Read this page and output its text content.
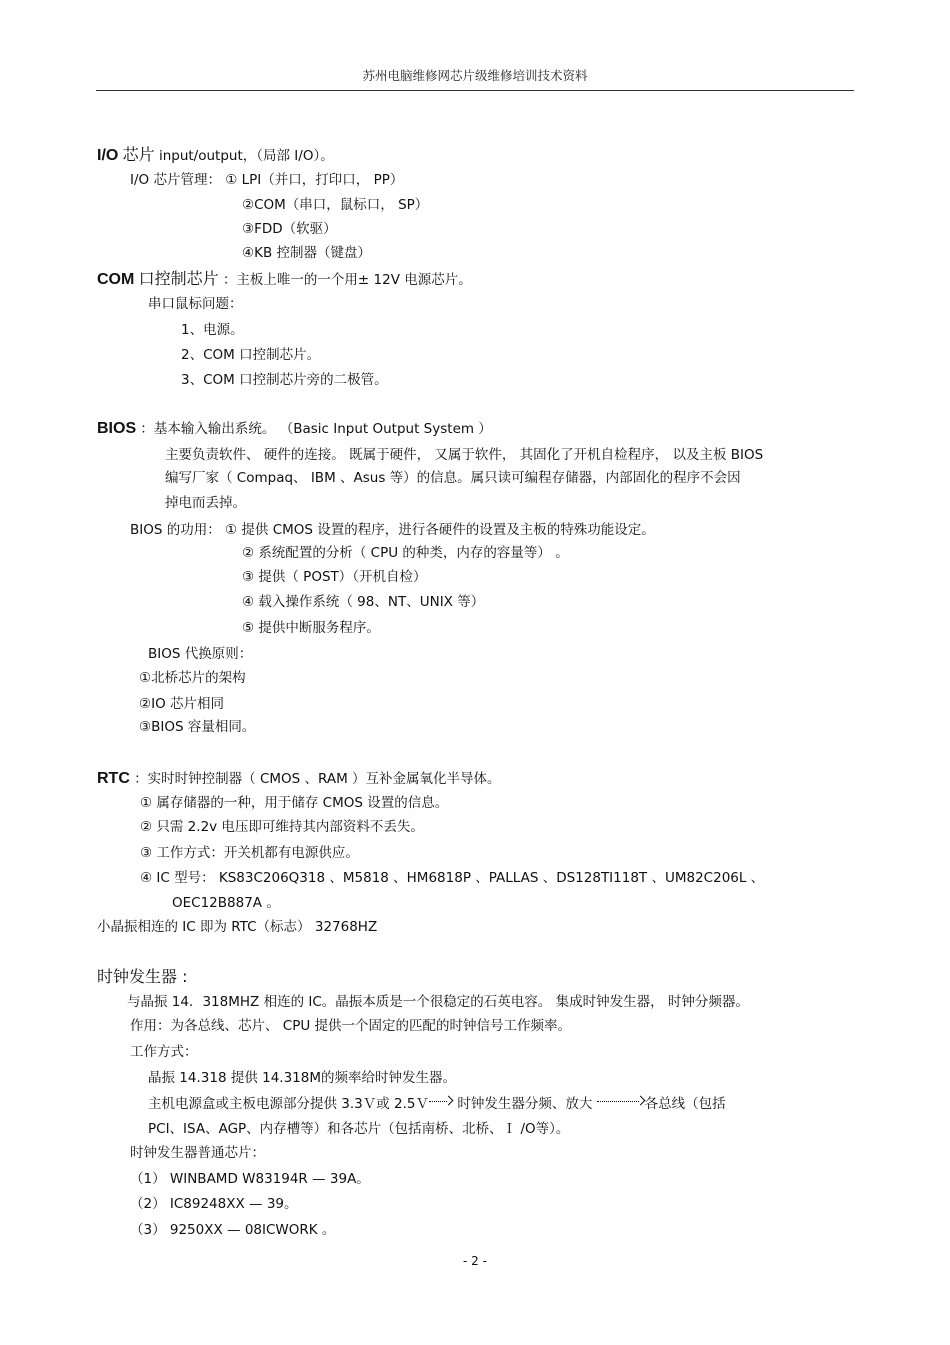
苏州电脑维修网芯片级维修培训技术资料
I/O 芯片 input/output，（局部 I/O）。
I/O 芯片管理： ① LPI（并口，打印口， PP）
②COM（串口，鼠标口， SP）
③FDD（软驱）
④KB 控制器（键盘）
COM 口控制芯片 ：主板上唯一的一个用± 12V 电源芯片。
串口鼠标问题：
1、电源。
2、COM 口控制芯片。
3、COM 口控制芯片旁的二极管。
BIOS ：基本输入输出系统。 （Basic Input Output System ）
主要负责软件、 硬件的连接。 既属于硬件， 又属于软件， 其固化了开机自检程序， 以及主板 BIOS
编写厂家（ Compaq、 IBM 、Asus 等）的信息。属只读可编程存储器，内部固化的程序不会因
掉电而丢掉。
BIOS 的功用： ① 提供 CMOS 设置的程序，进行各硬件的设置及主板的特殊功能设定。
② 系统配置的分析（ CPU 的种类，内存的容量等） 。
③ 提供（ POST）（开机自检）
④ 载入操作系统（ 98、NT、UNIX 等）
⑤ 提供中断服务程序。
BIOS 代换原则：
①北桥芯片的架构
②IO 芯片相同
③BIOS 容量相同。
RTC ：实时时钟控制器（ CMOS 、RAM ）互补金属氧化半导体。
① 属存储器的一种，用于储存 CMOS 设置的信息。
② 只需 2.2v 电压即可维持其内部资料不丢失。
③ 工作方式：开关机都有电源供应。
④ IC 型号： KS83C206Q318 、M5818 、HM6818P 、PALLAS 、DS128TI118T 、UM82C206L 、
OEC12B887A 。
小晶振相连的 IC 即为 RTC（标志） 32768HZ
时钟发生器 :
与晶振 14．318MHZ 相连的 IC。晶振本质是一个很稳定的石英电容。 集成时钟发生器， 时钟分频器。
作用：为各总线、芯片、 CPU 提供一个固定的匹配的时钟信号工作频率。
工作方式：
晶振 14.318 提供 14.318M的频率给时钟发生器。
主机电源盒或主板电源部分提供 3.3Ｖ或 2.5Ｖ 时钟发生器分频、放大	各总线（包括
PCI、ISA、AGP、内存槽等）和各芯片（包括南桥、北桥、Ｉ /O等）。
时钟发生器普通芯片：
（1） WINBAMD W83194R — 39A。
（2） IC89248XX — 39。
（3） 9250XX — 08ICWORK 。
- 2 -
